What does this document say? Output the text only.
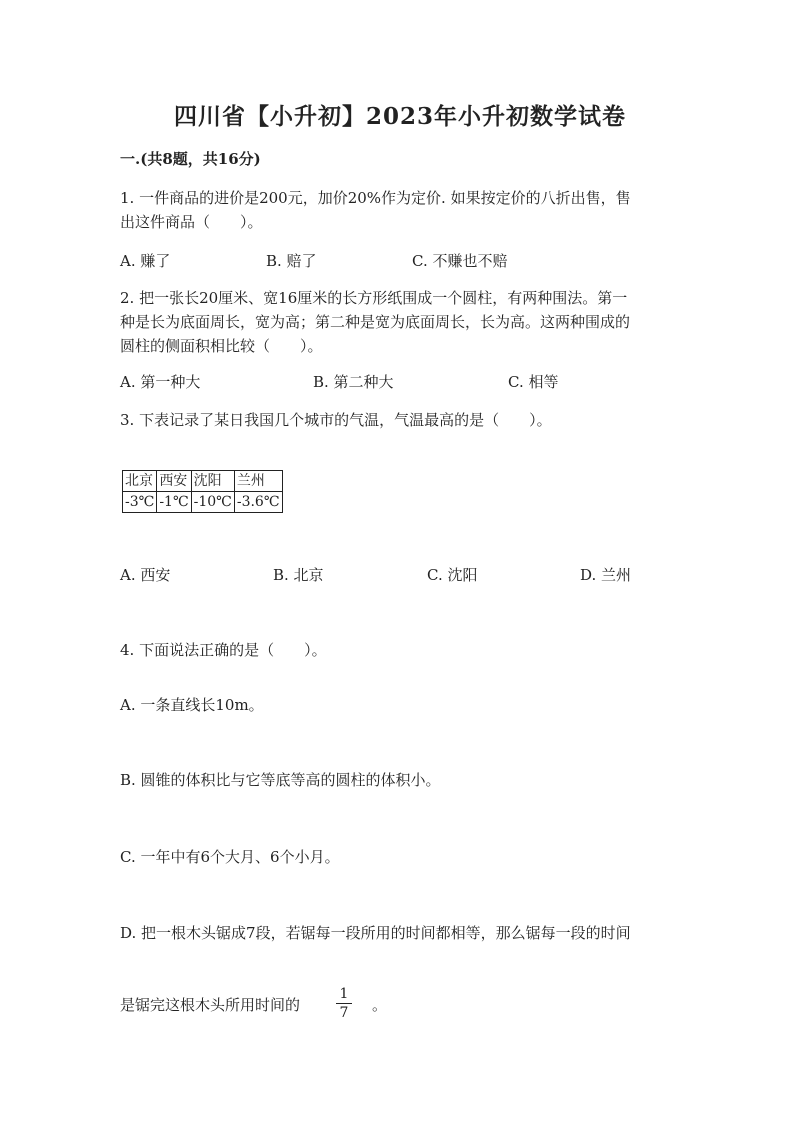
四川省【小升初】2023年小升初数学试卷
一.(共8题，共16分)
1. 一件商品的进价是200元，加价20%作为定价. 如果按定价的八折出售，售
出这件商品（　　）。
A. 赚了	B. 赔了	C. 不赚也不赔
2. 把一张长20厘米、宽16厘米的长方形纸围成一个圆柱，有两种围法。第一
种是长为底面周长，宽为高；第二种是宽为底面周长，长为高。这两种围成的
圆柱的侧面积相比较（　　）。
A. 第一种大	B. 第二种大	C. 相等
3. 下表记录了某日我国几个城市的气温，气温最高的是（　　）。
北京	西安	沈阳	兰州
-3℃	-1℃	-10℃	-3.6℃
A. 西安	B. 北京	C. 沈阳	D. 兰州
4. 下面说法正确的是（　　）。
A. 一条直线长10m。
B. 圆锥的体积比与它等底等高的圆柱的体积小。
C. 一年中有6个大月、6个小月。
D. 把一根木头锯成7段，若锯每一段所用的时间都相等，那么锯每一段的时间
是锯完这根木头所用时间的
1
7	。
